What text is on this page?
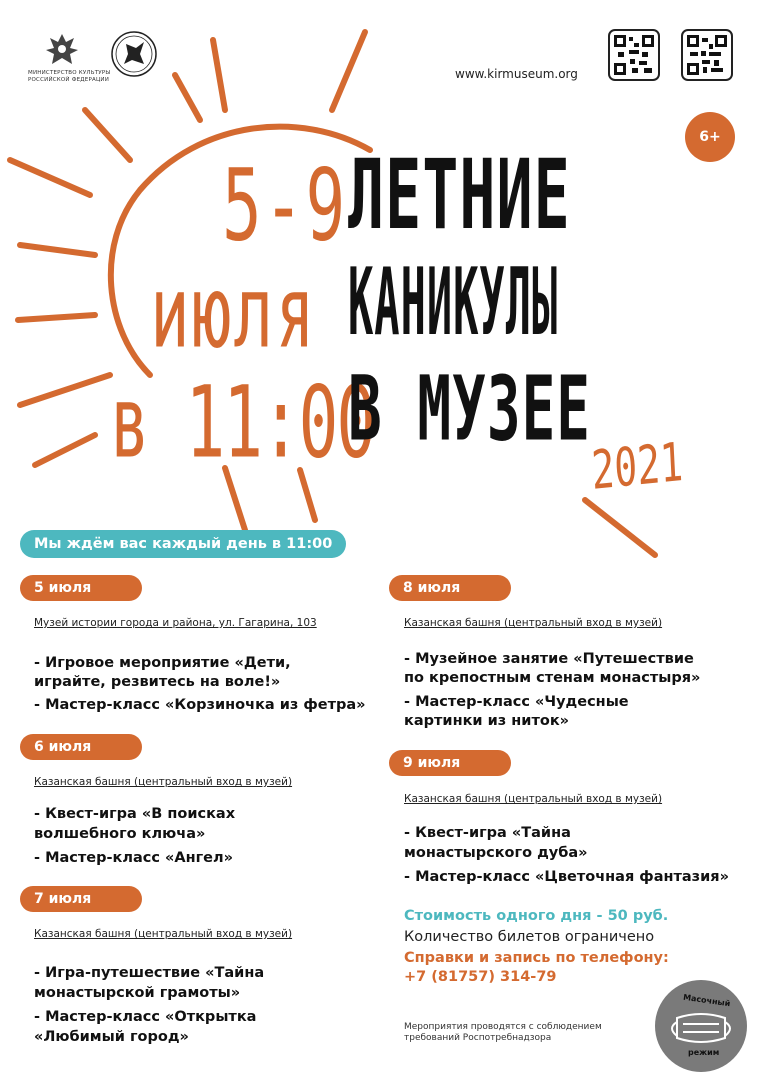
МИНИСТЕРСТВО КУЛЬТУРЫ
РОССИЙСКОЙ ФЕДЕРАЦИИ	www.kirmuseum.org
6+
5-9
июля
в 11:00
ЛЕТНИЕ
КАНИКУЛЫ
В МУЗЕЕ
2021
Мы ждём вас каждый день в 11:00
5 июля
Музей истории города и района, ул. Гагарина, 103
- Игровое мероприятие «Дети,
играйте, резвитесь на воле!»
- Мастер-класс «Корзиночка из фетра»
6 июля
Казанская башня (центральный вход в музей)
- Квест-игра «В поисках
волшебного ключа»
- Мастер-класс «Ангел»
7 июля
Казанская башня (центральный вход в музей)
- Игра-путешествие «Тайна
монастырской грамоты»
- Мастер-класс «Открытка
«Любимый город»
8 июля
Казанская башня (центральный вход в музей)
- Музейное занятие «Путешествие
по крепостным стенам монастыря»
- Мастер-класс «Чудесные
картинки из ниток»
9 июля
Казанская башня (центральный вход в музей)
- Квест-игра «Тайна
монастырского дуба»
- Мастер-класс «Цветочная фантазия»
Стоимость одного дня - 50 руб.
Количество билетов ограничено
Справки и запись по телефону:
+7 (81757) 314-79
Мероприятия проводятся с соблюдением
требований Роспотребнадзора
Масочный
режим
